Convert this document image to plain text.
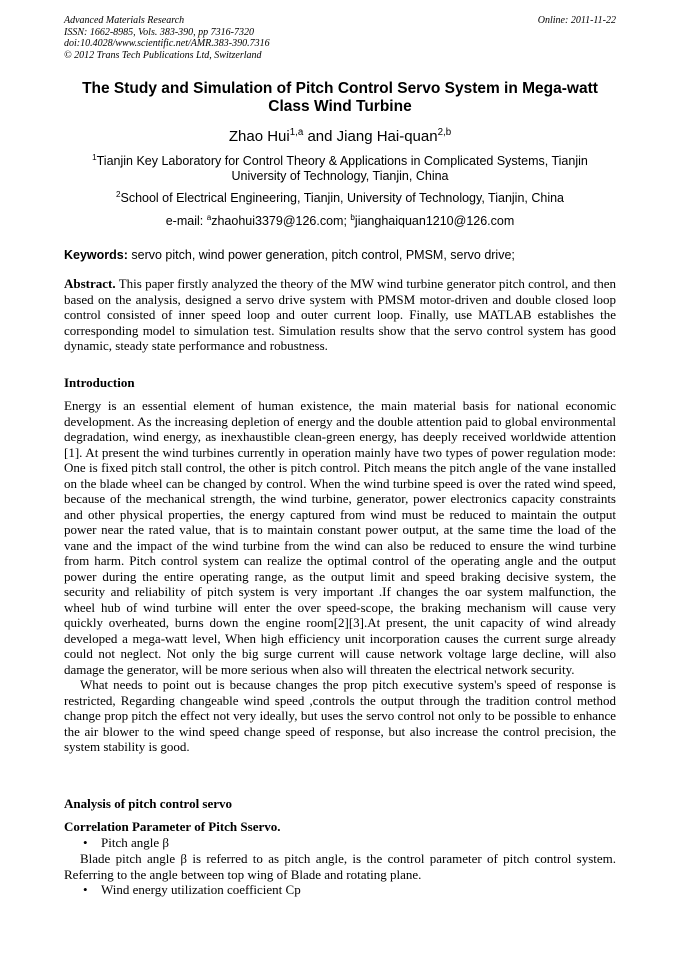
Advanced Materials Research
ISSN: 1662-8985, Vols. 383-390, pp 7316-7320
doi:10.4028/www.scientific.net/AMR.383-390.7316
© 2012 Trans Tech Publications Ltd, Switzerland
Online: 2011-11-22
The Study and Simulation of Pitch Control Servo System in Mega-watt Class Wind Turbine
Zhao Hui$^{1,a}$ and Jiang Hai-quan$^{2,b}$
$^1$Tianjin Key Laboratory for Control Theory & Applications in Complicated Systems, Tianjin University of Technology, Tianjin, China
$^2$School of Electrical Engineering, Tianjin, University of Technology, Tianjin, China
e-mail: $^a$zhaohui3379@126.com; $^b$jianghaiquan1210@126.com
Keywords: servo pitch, wind power generation, pitch control, PMSM, servo drive;
Abstract. This paper firstly analyzed the theory of the MW wind turbine generator pitch control, and then based on the analysis, designed a servo drive system with PMSM motor-driven and double closed loop control consisted of inner speed loop and outer current loop. Finally, use MATLAB establishes the corresponding model to simulation test. Simulation results show that the servo control system has good dynamic, steady state performance and robustness.
Introduction

Energy is an essential element of human existence, the main material basis for national economic development. As the increasing depletion of energy and the double attention paid to global environmental degradation, wind energy, as inexhaustible clean-green energy, has deeply received worldwide attention [1]. At present the wind turbines currently in operation mainly have two types of power regulation mode: One is fixed pitch stall control, the other is pitch control. Pitch means the pitch angle of the vane installed on the blade wheel can be changed by control. When the wind turbine speed is over the rated wind speed, because of the mechanical strength, the wind turbine, generator, power electronics capacity constraints and other physical properties, the energy captured from wind must be reduced to maintain the output power near the rated value, that is to maintain constant power output, at the same time the load of the vane and the impact of the wind turbine from the wind can also be reduced to ensure the wind turbine from harm. Pitch control system can realize the optimal control of the operating angle and the output power during the entire operating range, as the output limit and speed braking decisive system, the security and reliability of pitch system is very important .If changes the oar system malfunction, the wheel hub of wind turbine will enter the over speed-scope, the braking mechanism will cause very quickly overheated, burns down the engine room[2][3].At present, the unit capacity of wind already developed a mega-watt level, When high efficiency unit incorporation causes the current surge already could not neglect. Not only the big surge current will cause network voltage large decline, will also damage the generator, will be more serious when also will threaten the electrical network security.

What needs to point out is because changes the prop pitch executive system's speed of response is restricted, Regarding changeable wind speed ,controls the output through the tradition control method change prop pitch the effect not very ideally, but uses the servo control not only to be possible to enhance the air blower to the wind speed change speed of response, but also increase the control precision, the system stability is good.

Analysis of pitch control servo
Correlation Parameter of Pitch Sservo.
• Pitch angle β
Blade pitch angle β is referred to as pitch angle, is the control parameter of pitch control system. Referring to the angle between top wing of Blade and rotating plane.
• Wind energy utilization coefficient Cp
